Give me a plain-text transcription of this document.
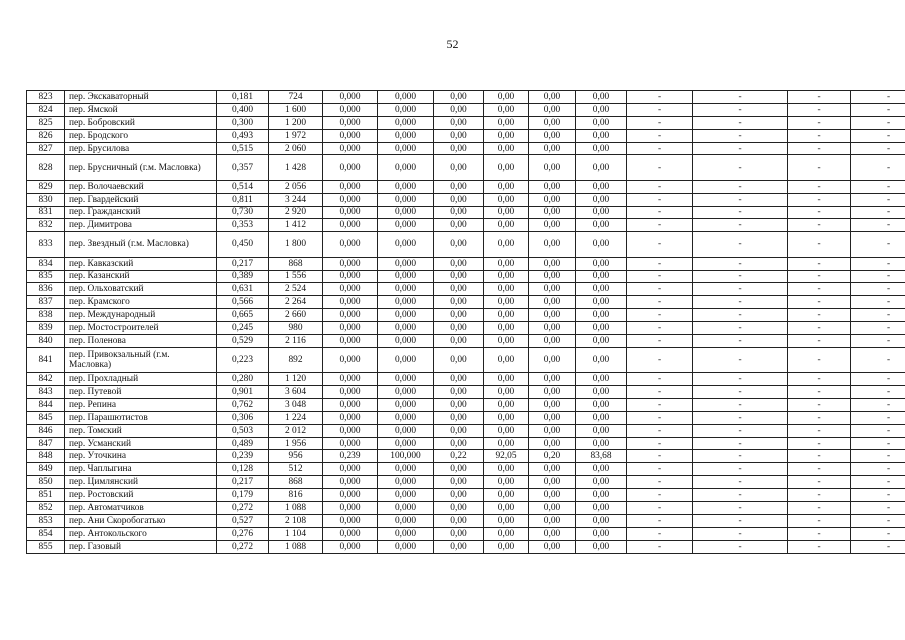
52
823	пер. Экскаваторный	0,181	724	0,000	0,000	0,00	0,00	0,00	0,00	-	-	-	-
824	пер. Ямской	0,400	1 600	0,000	0,000	0,00	0,00	0,00	0,00	-	-	-	-
825	пер. Бобровский	0,300	1 200	0,000	0,000	0,00	0,00	0,00	0,00	-	-	-	-
826	пер. Бродского	0,493	1 972	0,000	0,000	0,00	0,00	0,00	0,00	-	-	-	-
827	пер. Брусилова	0,515	2 060	0,000	0,000	0,00	0,00	0,00	0,00	-	-	-	-
828	пер. Брусничный (г.м. Масловка)	0,357	1 428	0,000	0,000	0,00	0,00	0,00	0,00	-	-	-	-
829	пер. Волочаевский	0,514	2 056	0,000	0,000	0,00	0,00	0,00	0,00	-	-	-	-
830	пер. Гвардейский	0,811	3 244	0,000	0,000	0,00	0,00	0,00	0,00	-	-	-	-
831	пер. Гражданский	0,730	2 920	0,000	0,000	0,00	0,00	0,00	0,00	-	-	-	-
832	пер. Димитрова	0,353	1 412	0,000	0,000	0,00	0,00	0,00	0,00	-	-	-	-
833	пер. Звездный (г.м. Масловка)	0,450	1 800	0,000	0,000	0,00	0,00	0,00	0,00	-	-	-	-
834	пер. Кавказский	0,217	868	0,000	0,000	0,00	0,00	0,00	0,00	-	-	-	-
835	пер. Казанский	0,389	1 556	0,000	0,000	0,00	0,00	0,00	0,00	-	-	-	-
836	пер. Ольховатский	0,631	2 524	0,000	0,000	0,00	0,00	0,00	0,00	-	-	-	-
837	пер. Крамского	0,566	2 264	0,000	0,000	0,00	0,00	0,00	0,00	-	-	-	-
838	пер. Международный	0,665	2 660	0,000	0,000	0,00	0,00	0,00	0,00	-	-	-	-
839	пер. Мостостроителей	0,245	980	0,000	0,000	0,00	0,00	0,00	0,00	-	-	-	-
840	пер. Поленова	0,529	2 116	0,000	0,000	0,00	0,00	0,00	0,00	-	-	-	-
841	пер. Привокзальный (г.м. Масловка)	0,223	892	0,000	0,000	0,00	0,00	0,00	0,00	-	-	-	-
842	пер. Прохладный	0,280	1 120	0,000	0,000	0,00	0,00	0,00	0,00	-	-	-	-
843	пер. Путевой	0,901	3 604	0,000	0,000	0,00	0,00	0,00	0,00	-	-	-	-
844	пер. Репина	0,762	3 048	0,000	0,000	0,00	0,00	0,00	0,00	-	-	-	-
845	пер. Парашютистов	0,306	1 224	0,000	0,000	0,00	0,00	0,00	0,00	-	-	-	-
846	пер. Томский	0,503	2 012	0,000	0,000	0,00	0,00	0,00	0,00	-	-	-	-
847	пер. Усманский	0,489	1 956	0,000	0,000	0,00	0,00	0,00	0,00	-	-	-	-
848	пер. Уточкина	0,239	956	0,239	100,000	0,22	92,05	0,20	83,68	-	-	-	-
849	пер. Чаплыгина	0,128	512	0,000	0,000	0,00	0,00	0,00	0,00	-	-	-	-
850	пер. Цимлянский	0,217	868	0,000	0,000	0,00	0,00	0,00	0,00	-	-	-	-
851	пер. Ростовский	0,179	816	0,000	0,000	0,00	0,00	0,00	0,00	-	-	-	-
852	пер. Автоматчиков	0,272	1 088	0,000	0,000	0,00	0,00	0,00	0,00	-	-	-	-
853	пер. Ани Скоробогатько	0,527	2 108	0,000	0,000	0,00	0,00	0,00	0,00	-	-	-	-
854	пер. Антокольского	0,276	1 104	0,000	0,000	0,00	0,00	0,00	0,00	-	-	-	-
855	пер. Газовый	0,272	1 088	0,000	0,000	0,00	0,00	0,00	0,00	-	-	-	-
